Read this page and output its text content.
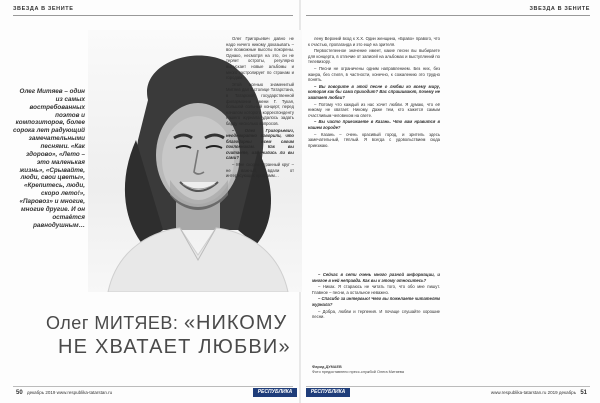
ЗВЕЗДА В ЗЕНИТЕ	ЗВЕЗДА В ЗЕНИТЕ
Олег Митяев – один из самых востребованных поэтов и композиторов, более сорока лет радующий замечательными песнями. «Как здорово», «Лето – это маленькая жизнь», «Срывайте, люди, свои цветы», «Крепитесь, люди, скоро лето!», «Паровоз» и многие, многие другие. И он остаётся равнодушным…
Олег МИТЯЕВ: «НИКОМУ
НЕ ХВАТАЕТ ЛЮБВИ»

Олег Григорьевич давно не надо ничего никому доказывать – все возможные высоты покорены. Однако, несмотря на это, он не теряет остроты, регулярно выпускает новые альбомы и много гастролирует по странам и городам.

Этой осенью знаменитый Митяев дал в столице Татарстана, в Татарской государственной филармонии имени Г. Тукая, большой сольный концерт, перед началом которого корреспонденту нашего журнала удалось задать барду несколько вопросов.

– Олег Григорьевич, неоднократно говорили, что благодарны всем своим поклонникам. Как вы считаете, изменились ли вы сами?

– Мне скорее странный круг – не важный, вдали от интересующих программ…

лену Верхний вход к Х.Х. Один женщина, «Браво» правого, что к счастью, пропаганда и это ещё на зрителя.

Первостепенное значение имеет, какие песни вы выбираете для концерта, в отличие от записей на альбомах и выступлений по телевизору.

– Песни не ограничены одним направлением. Без них, без жанра, без стиля, в частности, конечно, к сожалению это трудно понять.

– Вы говорите в этой песне о любви ко всему миру, которая как бы сама приходит? Вас спрашивают, почему не хватает любви?

– Потому что каждый из нас хочет любви. Я думаю, что её никому не хватает. Никому. Даже тем, кто кажется самым счастливым человеком на свете.

– Вы часто приезжаете в Казань. Что вам нравится в нашем городе?

– Казань – очень красивый город, и зритель здесь замечательный, тёплый. Я всегда с удовольствием сюда приезжаю.

– Сейчас в сети очень много разной информации, и многое в ней неправда. Как вы к этому относитесь?

– Никак. Я стараюсь не читать того, что обо мне пишут. Главное – песни, а остальное неважно.

– Спасибо за интервью! Чего вы пожелаете читателям журнала?

– Добра, любви и терпения. И почаще слушайте хорошие песни.

Фарид ДУМАЕВ
Фото предоставлено пресс-службой Олега Митяева
50 декабрь 2019 www.respublika-tatarstan.ru	www.respublika-tatarstan.ru 2019 декабрь 51
РЕСПУБЛИКА	РЕСПУБЛИКА
